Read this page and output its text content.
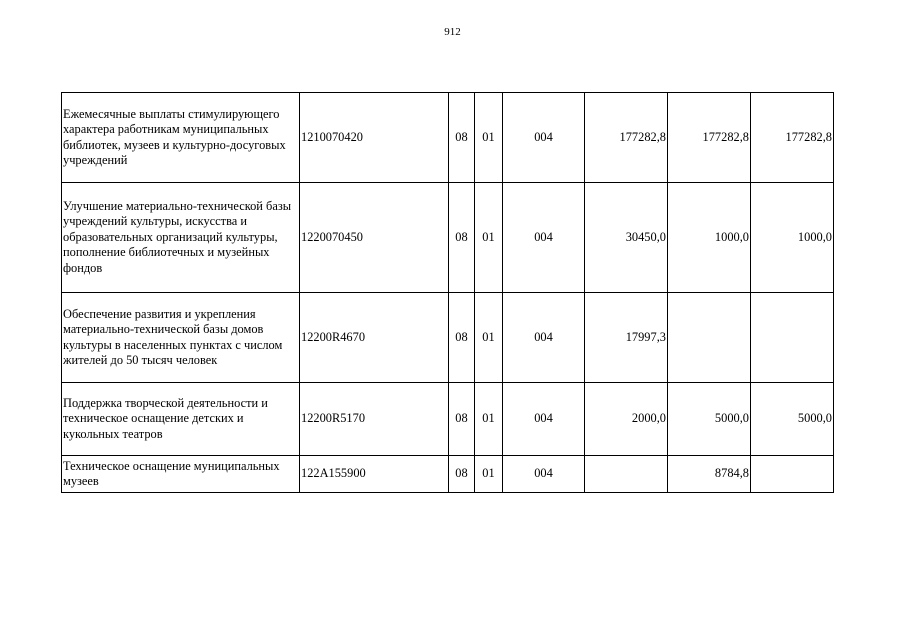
912
Ежемесячные выплаты стимулирующего характера работникам муниципальных библиотек, музеев и культурно-досуговых учреждений	1210070420	08	01	004	177282,8	177282,8	177282,8
Улучшение материально-технической базы учреждений культуры, искусства и образовательных организаций культуры, пополнение библиотечных и музейных фондов	1220070450	08	01	004	30450,0	1000,0	1000,0
Обеспечение развития и укрепления материально-технической базы домов культуры в населенных пунктах с числом жителей до 50 тысяч человек	12200R4670	08	01	004	17997,3		
Поддержка творческой деятельности и техническое оснащение детских и кукольных театров	12200R5170	08	01	004	2000,0	5000,0	5000,0
Техническое оснащение муниципальных музеев	122A155900	08	01	004		8784,8	
